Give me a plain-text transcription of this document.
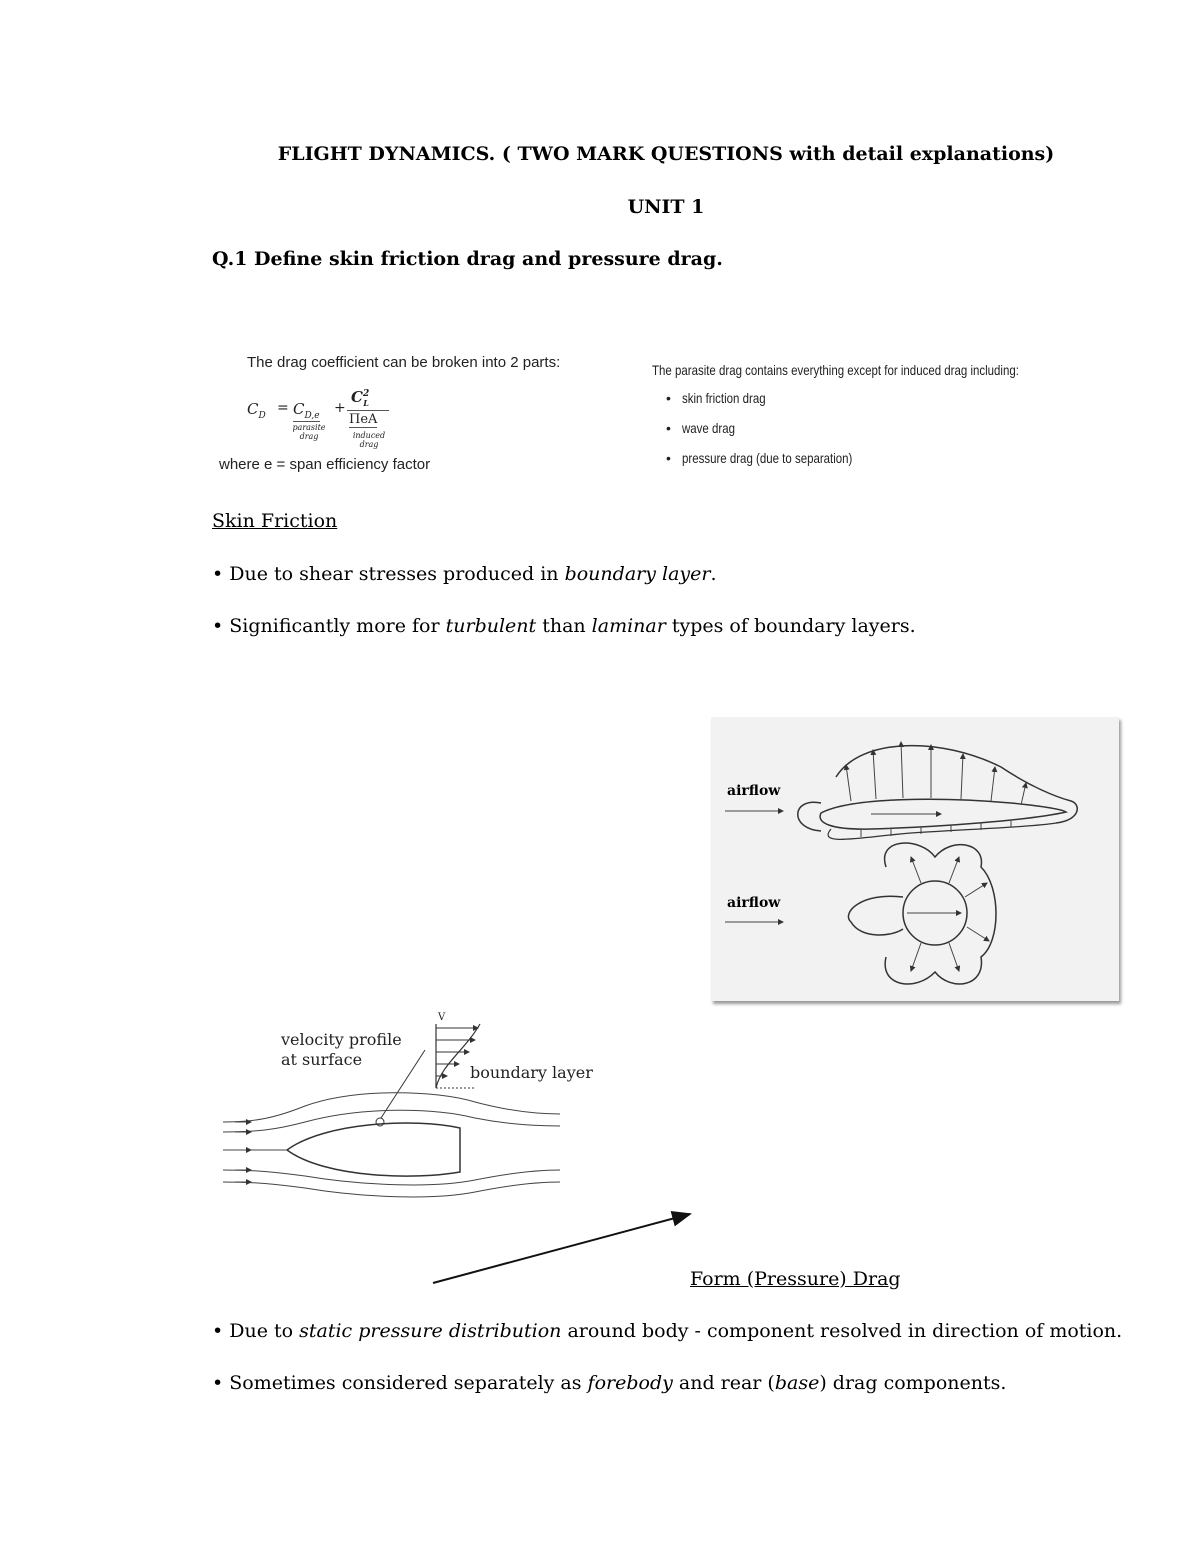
FLIGHT DYNAMICS. ( TWO MARK QUESTIONS with detail explanations)
UNIT 1
Q.1 Define skin friction drag and pressure drag.
The drag coefficient can be broken into 2 parts:
$C_D = C_{D,e}$
parasite drag
+
$C^2_L$
ΠeA
induced drag
where e = span efficiency factor
The parasite drag contains everything except for induced drag including:
• skin friction drag
• wave drag
• pressure drag (due to separation)
Skin Friction
• Due to shear stresses produced in boundary layer.
• Significantly more for turbulent than laminar types of boundary layers.
airflow
airflow
velocity profile
at surface
V
boundary layer
Form (Pressure) Drag
• Due to static pressure distribution around body - component resolved in direction of motion.
• Sometimes considered separately as forebody and rear (base) drag components.
